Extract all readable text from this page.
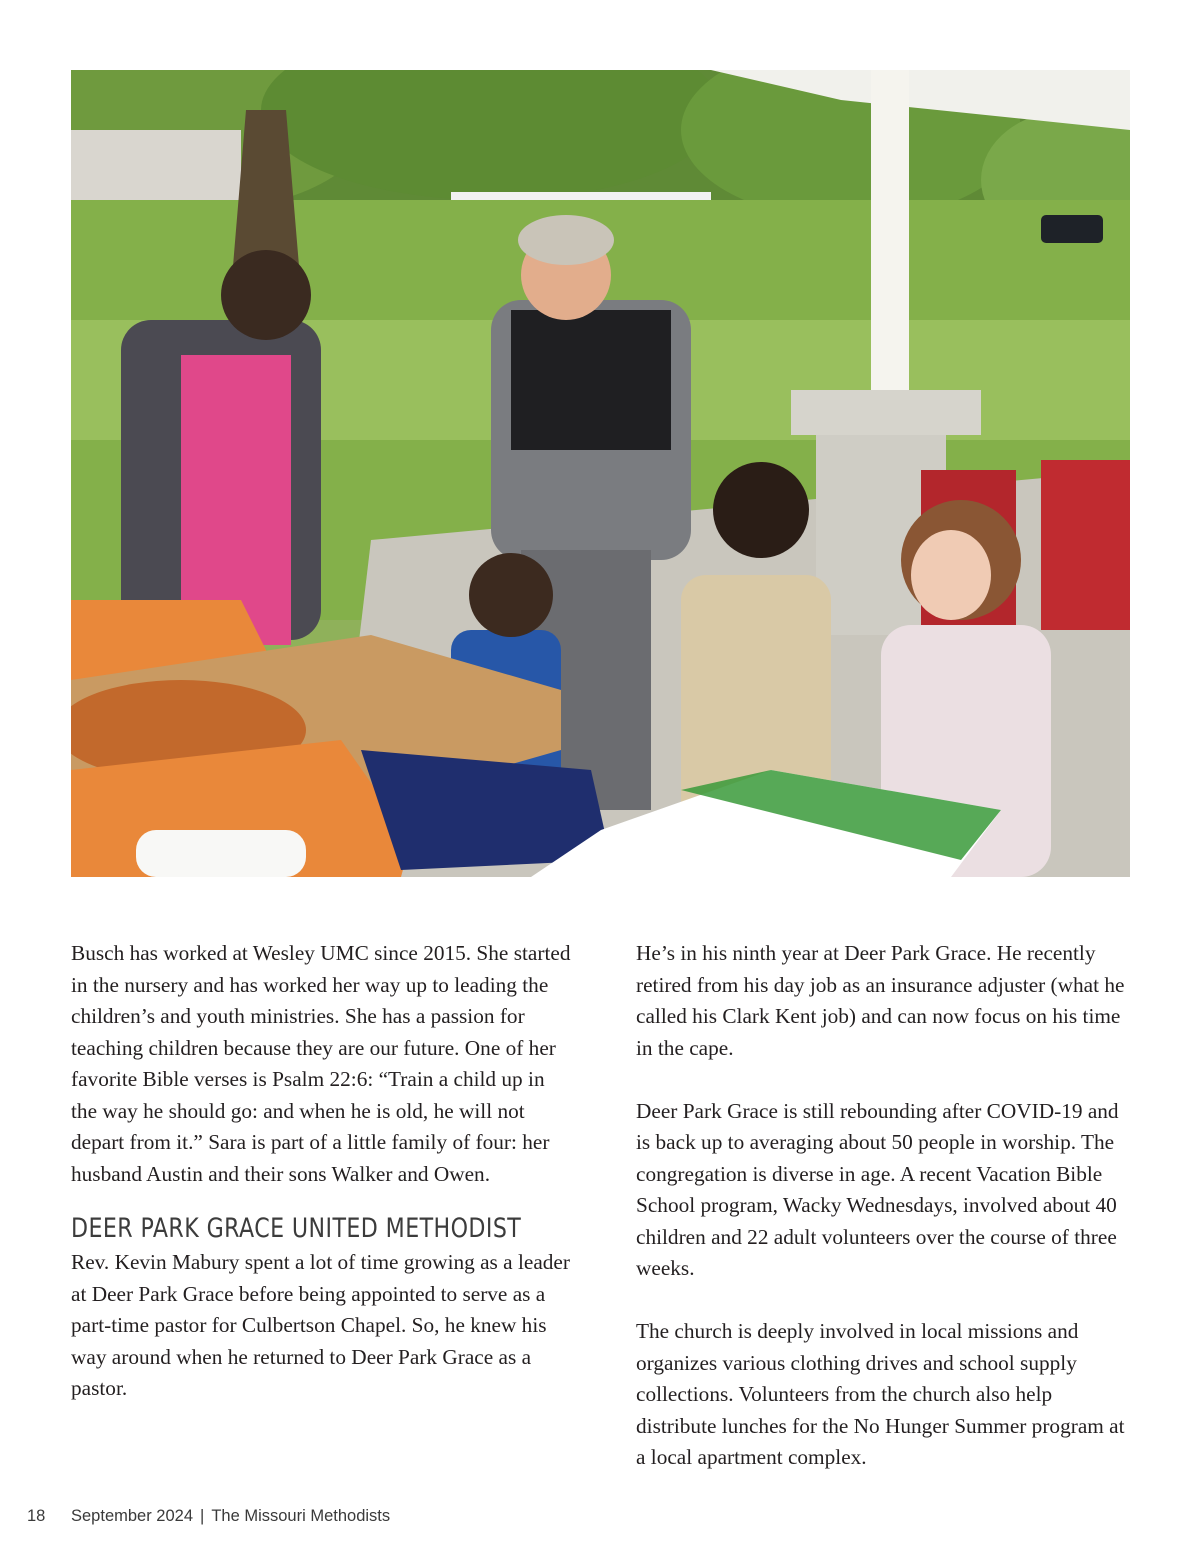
Busch has worked at Wesley UMC since 2015. She started in the nursery and has worked her way up to leading the children’s and youth ministries. She has a passion for teaching children because they are our future. One of her favorite Bible verses is Psalm 22:6: “Train a child up in the way he should go: and when he is old, he will not depart from it.” Sara is part of a little family of four: her husband Austin and their sons Walker and Owen.

DEER PARK GRACE UNITED METHODIST

Rev. Kevin Mabury spent a lot of time growing as a leader at Deer Park Grace before being appointed to serve as a part-time pastor for Culbertson Chapel. So, he knew his way around when he returned to Deer Park Grace as a pastor.

He’s in his ninth year at Deer Park Grace. He recently retired from his day job as an insurance adjuster (what he called his Clark Kent job) and can now focus on his time in the cape.

Deer Park Grace is still rebounding after COVID-19 and is back up to averaging about 50 people in worship. The congregation is diverse in age. A recent Vacation Bible School program, Wacky Wednesdays, involved about 40 children and 22 adult volunteers over the course of three weeks.

The church is deeply involved in local missions and organizes various clothing drives and school supply collections. Volunteers from the church also help distribute lunches for the No Hunger Summer program at a local apartment complex.

18 September 2024 | The Missouri Methodists
